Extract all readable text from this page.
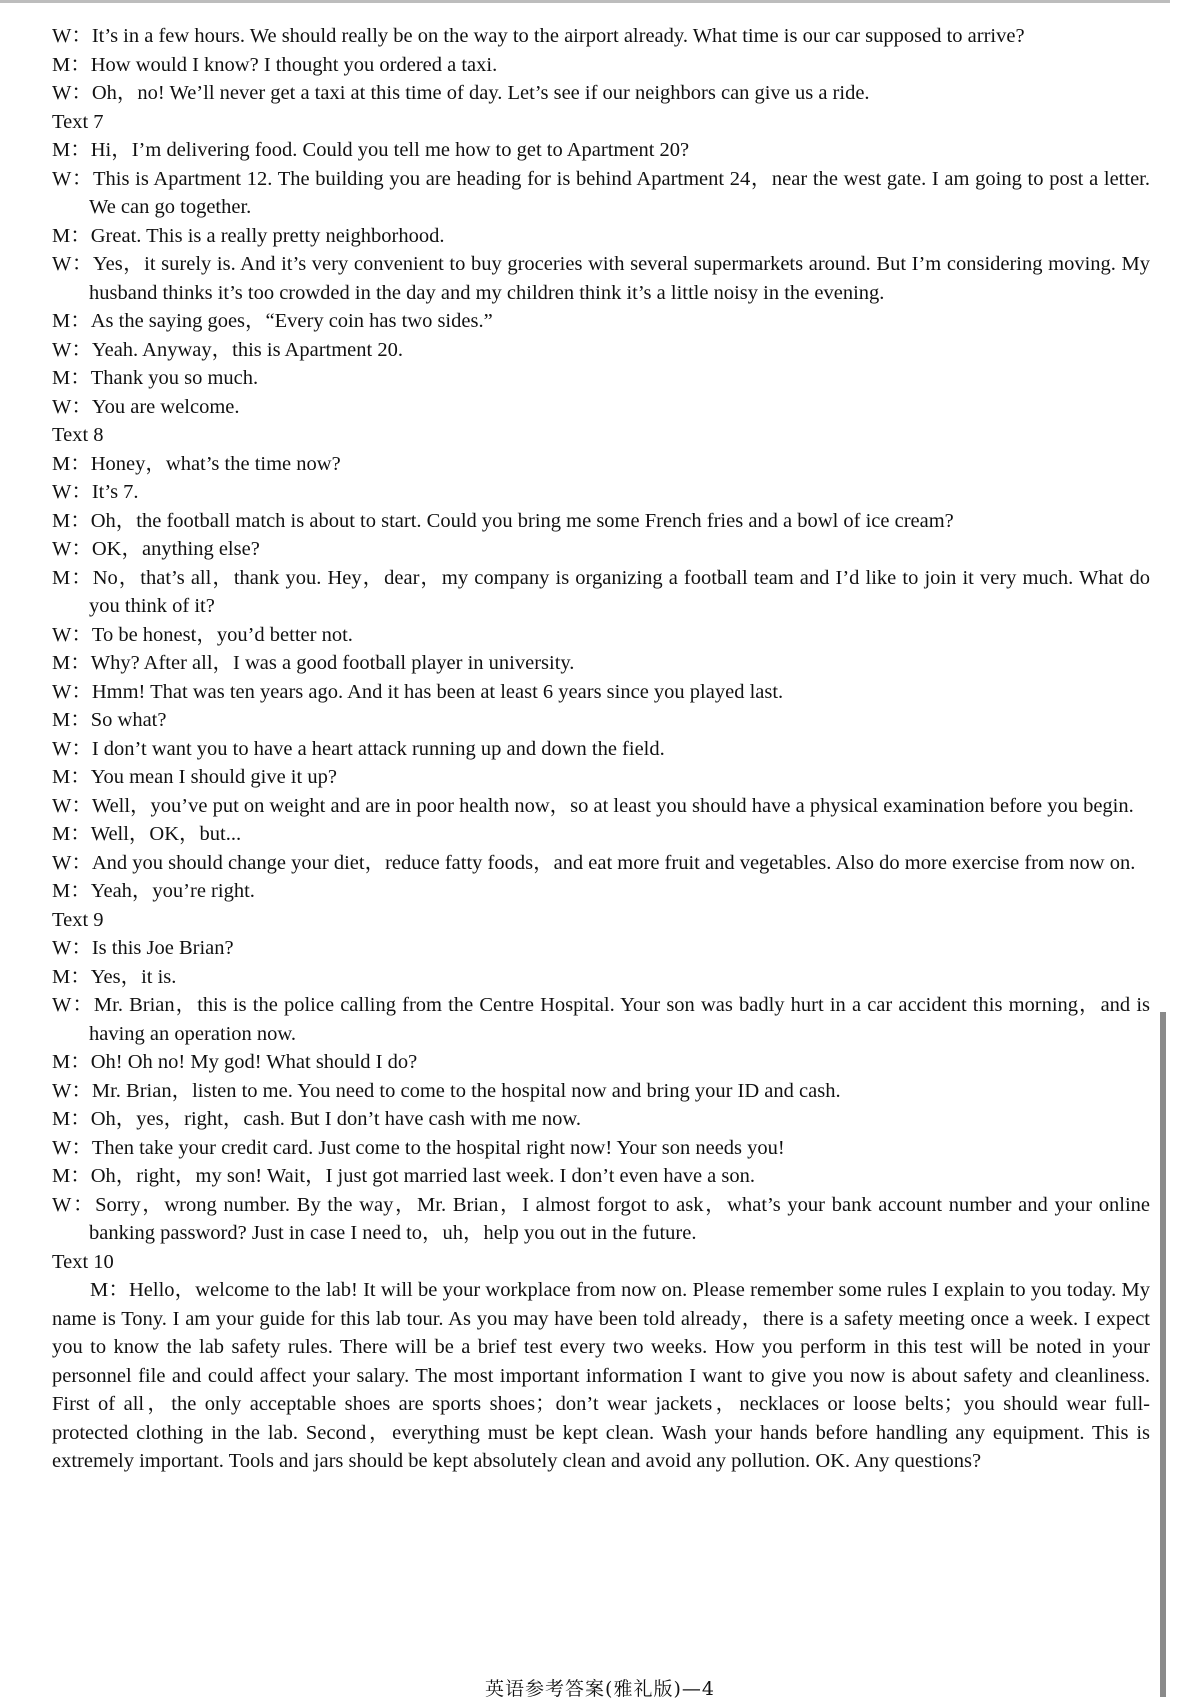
W：It’s in a few hours. We should really be on the way to the airport already. What time is our car supposed to arrive?
M：How would I know? I thought you ordered a taxi.
W：Oh，no! We’ll never get a taxi at this time of day. Let’s see if our neighbors can give us a ride.
Text 7
M：Hi，I’m delivering food. Could you tell me how to get to Apartment 20?
W：This is Apartment 12. The building you are heading for is behind Apartment 24，near the west gate. I am going to post a letter. We can go together.
M：Great. This is a really pretty neighborhood.
W：Yes，it surely is. And it’s very convenient to buy groceries with several supermarkets around. But I’m considering moving. My husband thinks it’s too crowded in the day and my children think it’s a little noisy in the evening.
M：As the saying goes，“Every coin has two sides.”
W：Yeah. Anyway，this is Apartment 20.
M：Thank you so much.
W：You are welcome.
Text 8
M：Honey，what’s the time now?
W：It’s 7.
M：Oh，the football match is about to start. Could you bring me some French fries and a bowl of ice cream?
W：OK，anything else?
M：No，that’s all，thank you. Hey，dear，my company is organizing a football team and I’d like to join it very much. What do you think of it?
W：To be honest，you’d better not.
M：Why? After all，I was a good football player in university.
W：Hmm! That was ten years ago. And it has been at least 6 years since you played last.
M：So what?
W：I don’t want you to have a heart attack running up and down the field.
M：You mean I should give it up?
W：Well，you’ve put on weight and are in poor health now，so at least you should have a physical examination before you begin.
M：Well，OK，but...
W：And you should change your diet，reduce fatty foods，and eat more fruit and vegetables. Also do more exercise from now on.
M：Yeah，you’re right.
Text 9
W：Is this Joe Brian?
M：Yes，it is.
W：Mr. Brian，this is the police calling from the Centre Hospital. Your son was badly hurt in a car accident this morning，and is having an operation now.
M：Oh! Oh no! My god! What should I do?
W：Mr. Brian，listen to me. You need to come to the hospital now and bring your ID and cash.
M：Oh，yes，right，cash. But I don’t have cash with me now.
W：Then take your credit card. Just come to the hospital right now! Your son needs you!
M：Oh，right，my son! Wait，I just got married last week. I don’t even have a son.
W：Sorry，wrong number. By the way，Mr. Brian，I almost forgot to ask，what’s your bank account number and your online banking password? Just in case I need to，uh，help you out in the future.
Text 10
M：Hello，welcome to the lab! It will be your workplace from now on. Please remember some rules I explain to you today. My name is Tony. I am your guide for this lab tour. As you may have been told already，there is a safety meeting once a week. I expect you to know the lab safety rules. There will be a brief test every two weeks. How you perform in this test will be noted in your personnel file and could affect your salary. The most important information I want to give you now is about safety and cleanliness. First of all，the only acceptable shoes are sports shoes；don’t wear jackets，necklaces or loose belts；you should wear full-protected clothing in the lab. Second，everything must be kept clean. Wash your hands before handling any equipment. This is extremely important. Tools and jars should be kept absolutely clean and avoid any pollution. OK. Any questions?
英语参考答案(雅礼版)—4
